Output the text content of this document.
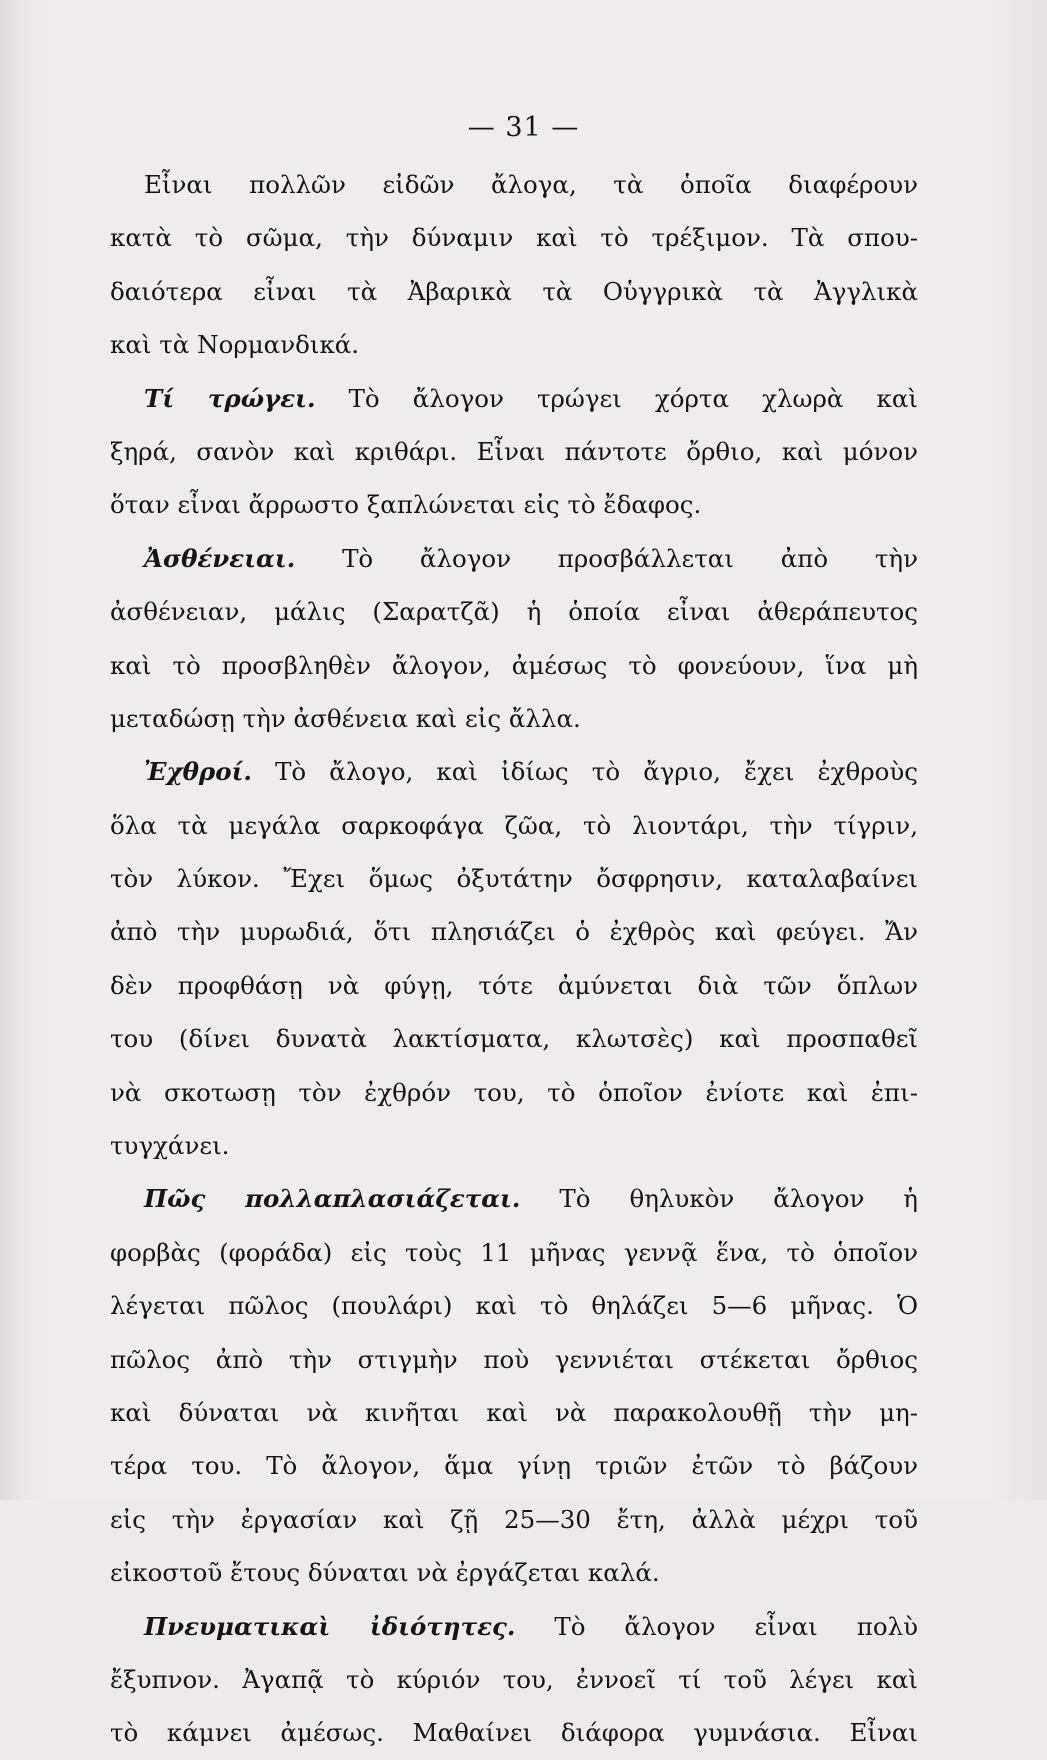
— 31 —
Εἶναι πολλῶν εἰδῶν ἄλογα, τὰ ὁποῖα διαφέρουν
κατὰ τὸ σῶμα, τὴν δύναμιν καὶ τὸ τρέξιμον. Τὰ σπου-
δαιότερα εἶναι τὰ Ἀβαρικὰ τὰ Οὑγγρικὰ τὰ Ἀγγλικὰ
καὶ τὰ Νορμανδικά.
Τί τρώγει. Τὸ ἄλογον τρώγει χόρτα χλωρὰ καὶ
ξηρά, σανὸν καὶ κριθάρι. Εἶναι πάντοτε ὄρθιο, καὶ μόνον
ὅταν εἶναι ἄρρωστο ξαπλώνεται εἰς τὸ ἔδαφος.
Ἀσθένειαι. Τὸ ἄλογον προσβάλλεται ἀπὸ τὴν
ἀσθένειαν, μάλις (Σαρατζᾶ) ἡ ὁποία εἶναι ἀθεράπευτος
καὶ τὸ προσβληθὲν ἄλογον, ἀμέσως τὸ φονεύουν, ἵνα μὴ
μεταδώσῃ τὴν ἀσθένεια καὶ εἰς ἄλλα.
Ἐχθροί. Τὸ ἄλογο, καὶ ἰδίως τὸ ἄγριο, ἔχει ἐχθροὺς
ὅλα τὰ μεγάλα σαρκοφάγα ζῶα, τὸ λιοντάρι, τὴν τίγριν,
τὸν λύκον. Ἔχει ὅμως ὀξυτάτην ὄσφρησιν, καταλαβαίνει
ἀπὸ τὴν μυρωδιά, ὅτι πλησιάζει ὁ ἐχθρὸς καὶ φεύγει. Ἄν
δὲν προφθάσῃ νὰ φύγῃ, τότε ἀμύνεται διὰ τῶν ὅπλων
του (δίνει δυνατὰ λακτίσματα, κλωτσὲς) καὶ προσπαθεῖ
νὰ σκοτωσῃ τὸν ἐχθρόν του, τὸ ὁποῖον ἐνίοτε καὶ ἐπι-
τυγχάνει.
Πῶς πολλαπλασιάζεται. Τὸ θηλυκὸν ἄλογον ἡ
φορβὰς (φοράδα) εἰς τοὺς 11 μῆνας γεννᾷ ἕνα, τὸ ὁποῖον
λέγεται πῶλος (πουλάρι) καὶ τὸ θηλάζει 5—6 μῆνας. Ὁ
πῶλος ἀπὸ τὴν στιγμὴν ποὺ γεννιέται στέκεται ὄρθιος
καὶ δύναται νὰ κινῆται καὶ νὰ παρακολουθῇ τὴν μη-
τέρα του. Τὸ ἄλογον, ἅμα γίνῃ τριῶν ἐτῶν τὸ βάζουν
εἰς τὴν ἐργασίαν καὶ ζῇ 25—30 ἔτη, ἀλλὰ μέχρι τοῦ
εἰκοστοῦ ἔτους δύναται νὰ ἐργάζεται καλά.
Πνευματικαὶ ἰδιότητες. Τὸ ἄλογον εἶναι πολὺ
ἔξυπνον. Ἀγαπᾷ τὸ κύριόν του, ἐννοεῖ τί τοῦ λέγει καὶ
τὸ κάμνει ἀμέσως. Μαθαίνει διάφορα γυμνάσια. Εἶναι
